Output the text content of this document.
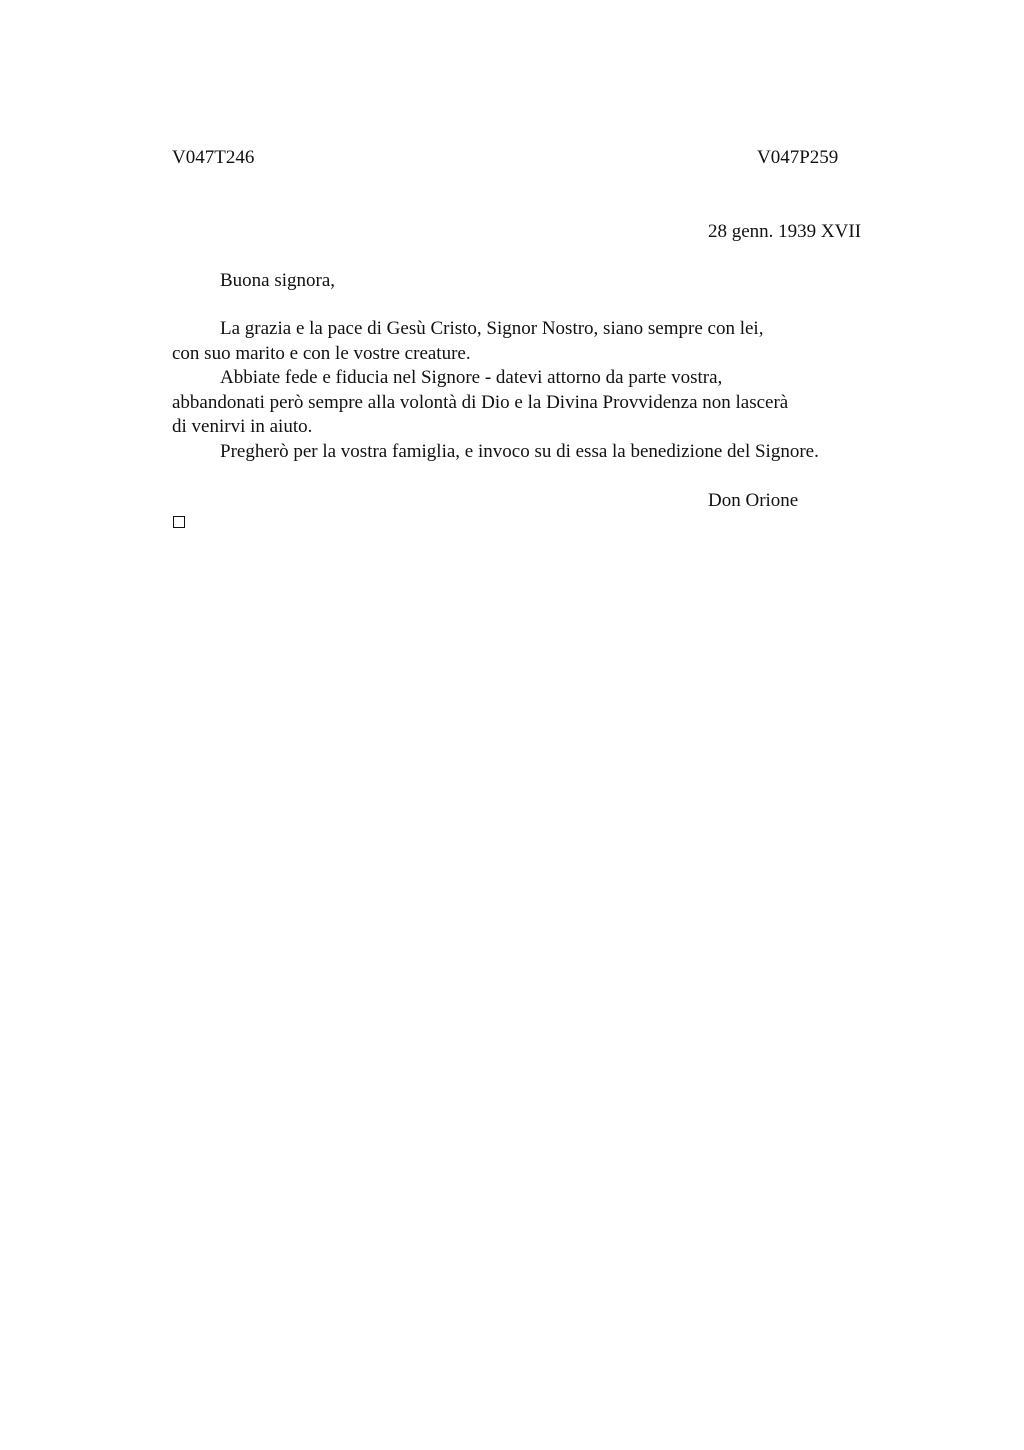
V047T246	V047P259
28 genn. 1939 XVII
Buona signora,

La grazia e la pace di Gesù Cristo, Signor Nostro, siano sempre con lei,
con suo marito e con le vostre creature.

Abbiate fede e fiducia nel Signore - datevi attorno da parte vostra,
abbandonati però sempre alla volontà di Dio e la Divina Provvidenza non lascerà
di venirvi in aiuto.

Pregherò per la vostra famiglia, e invoco su di essa la benedizione del Signore.

Don Orione
